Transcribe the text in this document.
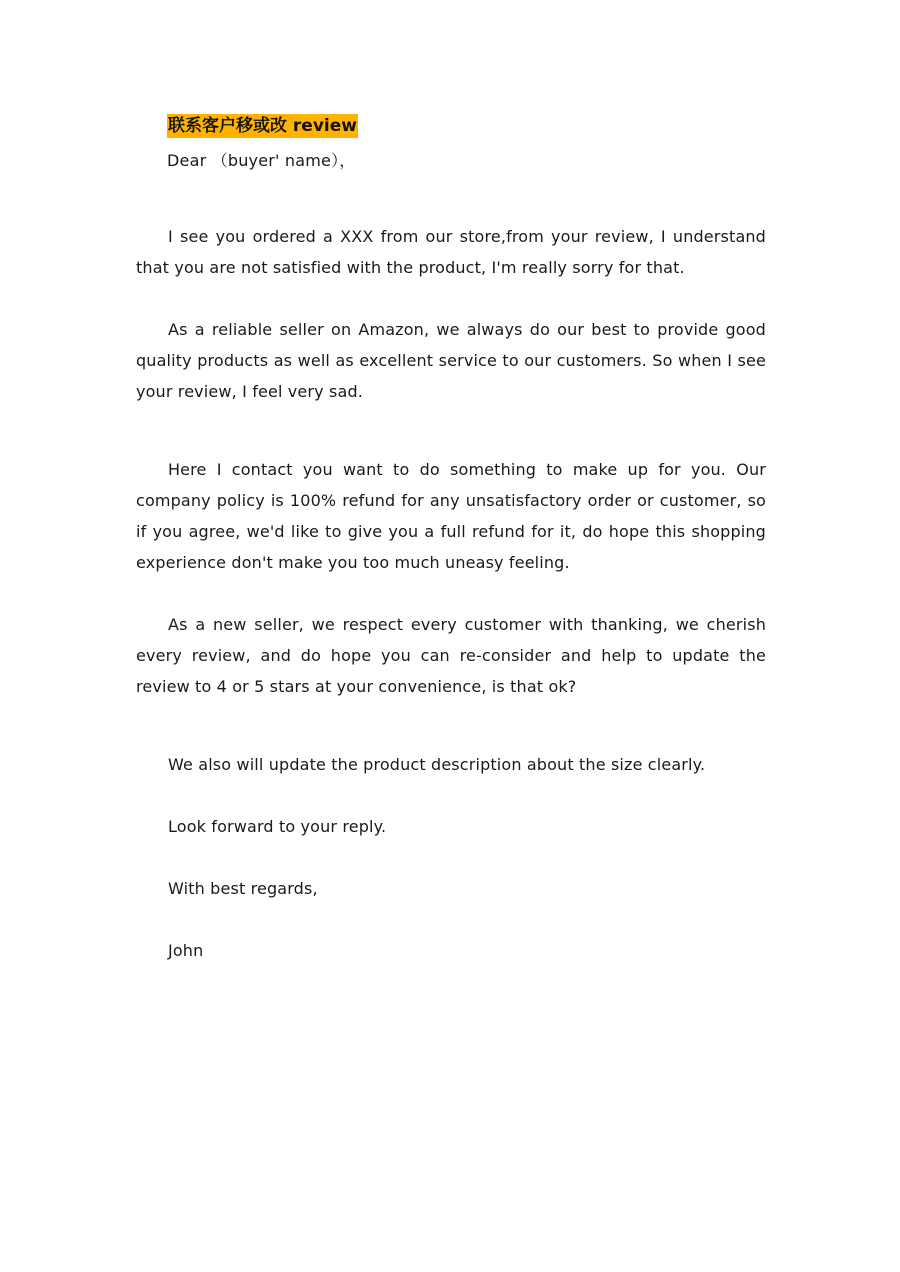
联系客户移或改 review
Dear （buyer' name），

I see you ordered a XXX from our store,from your review, I understand that you are not satisfied with the product, I'm really sorry for that.

As a reliable seller on Amazon, we always do our best to provide good quality products as well as excellent service to our customers. So when I see your review, I feel very sad.

Here I contact you want to do something to make up for you. Our company policy is 100% refund for any unsatisfactory order or customer, so if you agree, we'd like to give you a full refund for it, do hope this shopping experience don't make you too much uneasy feeling.

As a new seller, we respect every customer with thanking, we cherish every review, and do hope you can re-consider and help to update the review to 4 or 5 stars at your convenience, is that ok?

We also will update the product description about the size clearly.

Look forward to your reply.

With best regards,

John
